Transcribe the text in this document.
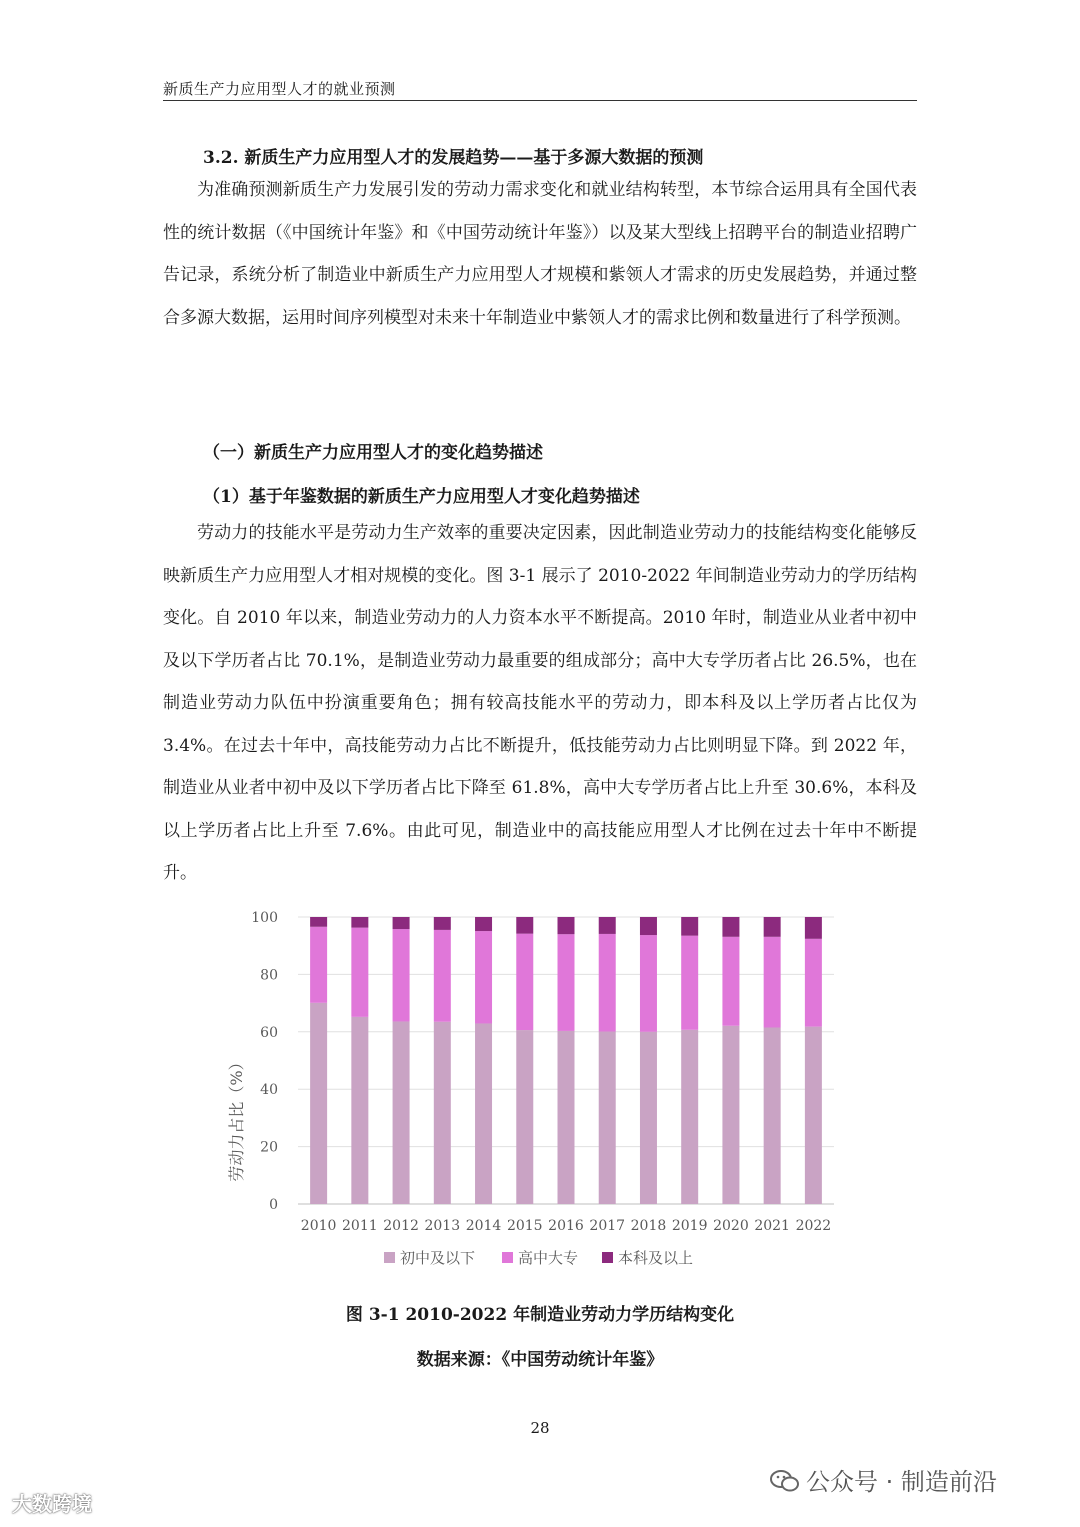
新质生产力应用型人才的就业预测
3.2. 新质生产力应用型人才的发展趋势——基于多源大数据的预测

为准确预测新质生产力发展引发的劳动力需求变化和就业结构转型，本节综合运用具有全国代表性的统计数据（《中国统计年鉴》和《中国劳动统计年鉴》）以及某大型线上招聘平台的制造业招聘广告记录，系统分析了制造业中新质生产力应用型人才规模和紫领人才需求的历史发展趋势，并通过整合多源大数据，运用时间序列模型对未来十年制造业中紫领人才的需求比例和数量进行了科学预测。

（一）新质生产力应用型人才的变化趋势描述
（1）基于年鉴数据的新质生产力应用型人才变化趋势描述

劳动力的技能水平是劳动力生产效率的重要决定因素，因此制造业劳动力的技能结构变化能够反映新质生产力应用型人才相对规模的变化。图 3-1 展示了 2010-2022 年间制造业劳动力的学历结构变化。自 2010 年以来，制造业劳动力的人力资本水平不断提高。2010 年时，制造业从业者中初中及以下学历者占比 70.1%，是制造业劳动力最重要的组成部分；高中大专学历者占比 26.5%，也在制造业劳动力队伍中扮演重要角色；拥有较高技能水平的劳动力，即本科及以上学历者占比仅为 3.4%。在过去十年中，高技能劳动力占比不断提升，低技能劳动力占比则明显下降。到 2022 年，制造业从业者中初中及以下学历者占比下降至 61.8%，高中大专学历者占比上升至 30.6%，本科及以上学历者占比上升至 7.6%。由此可见，制造业中的高技能应用型人才比例在过去十年中不断提升。

0
20
40
60
80
100
2010 2011 2012 2013 2014 2015 2016 2017 2018 2019 2020 2021 2022
劳动力占比（%）
初中及以下	高中大专	本科及以上
图 3-1 2010-2022 年制造业劳动力学历结构变化
数据来源：《中国劳动统计年鉴》
28
大数跨境
公众号 · 制造前沿
